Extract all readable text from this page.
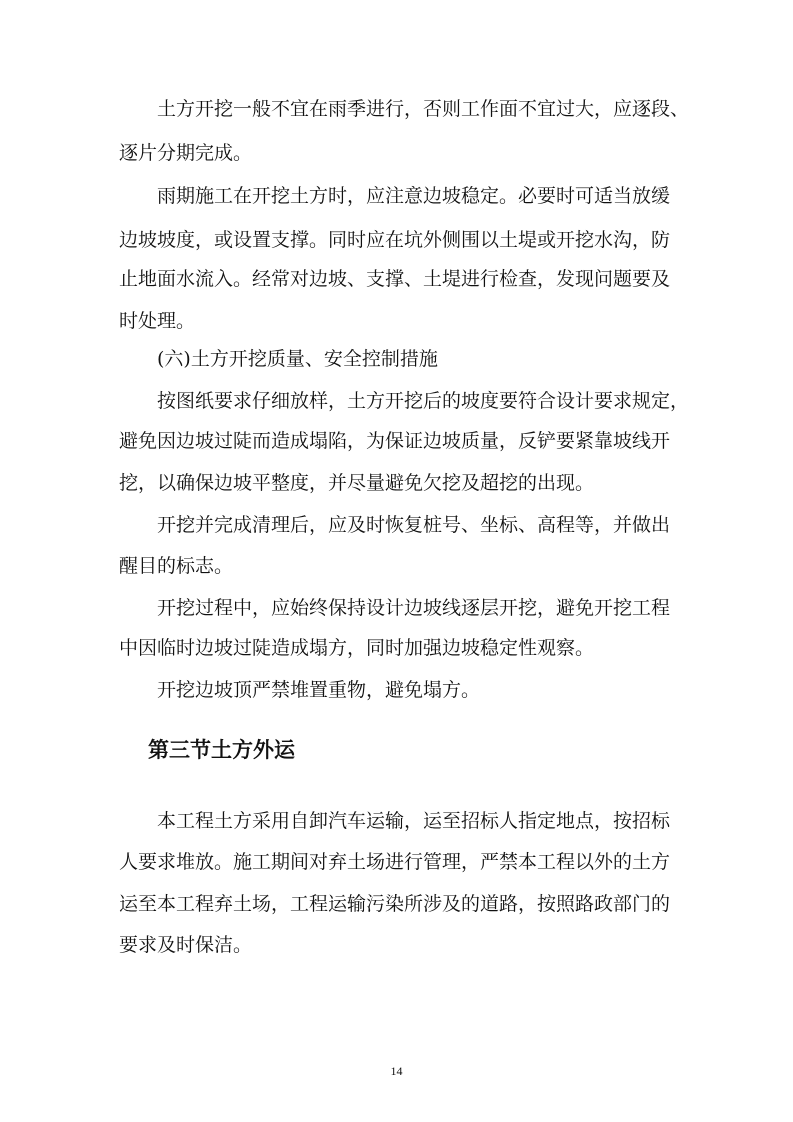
土方开挖一般不宜在雨季进行，否则工作面不宜过大，应逐段、
逐片分期完成。
雨期施工在开挖土方时，应注意边坡稳定。必要时可适当放缓
边坡坡度，或设置支撑。同时应在坑外侧围以土堤或开挖水沟，防
止地面水流入。经常对边坡、支撑、土堤进行检查，发现问题要及
时处理。
(六)土方开挖质量、安全控制措施
按图纸要求仔细放样，土方开挖后的坡度要符合设计要求规定，
避免因边坡过陡而造成塌陷，为保证边坡质量，反铲要紧靠坡线开
挖，以确保边坡平整度，并尽量避免欠挖及超挖的出现。
开挖并完成清理后，应及时恢复桩号、坐标、高程等，并做出
醒目的标志。
开挖过程中，应始终保持设计边坡线逐层开挖，避免开挖工程
中因临时边坡过陡造成塌方，同时加强边坡稳定性观察。
开挖边坡顶严禁堆置重物，避免塌方。
第三节土方外运
本工程土方采用自卸汽车运输，运至招标人指定地点，按招标
人要求堆放。施工期间对弃土场进行管理，严禁本工程以外的土方
运至本工程弃土场，工程运输污染所涉及的道路，按照路政部门的
要求及时保洁。
14
